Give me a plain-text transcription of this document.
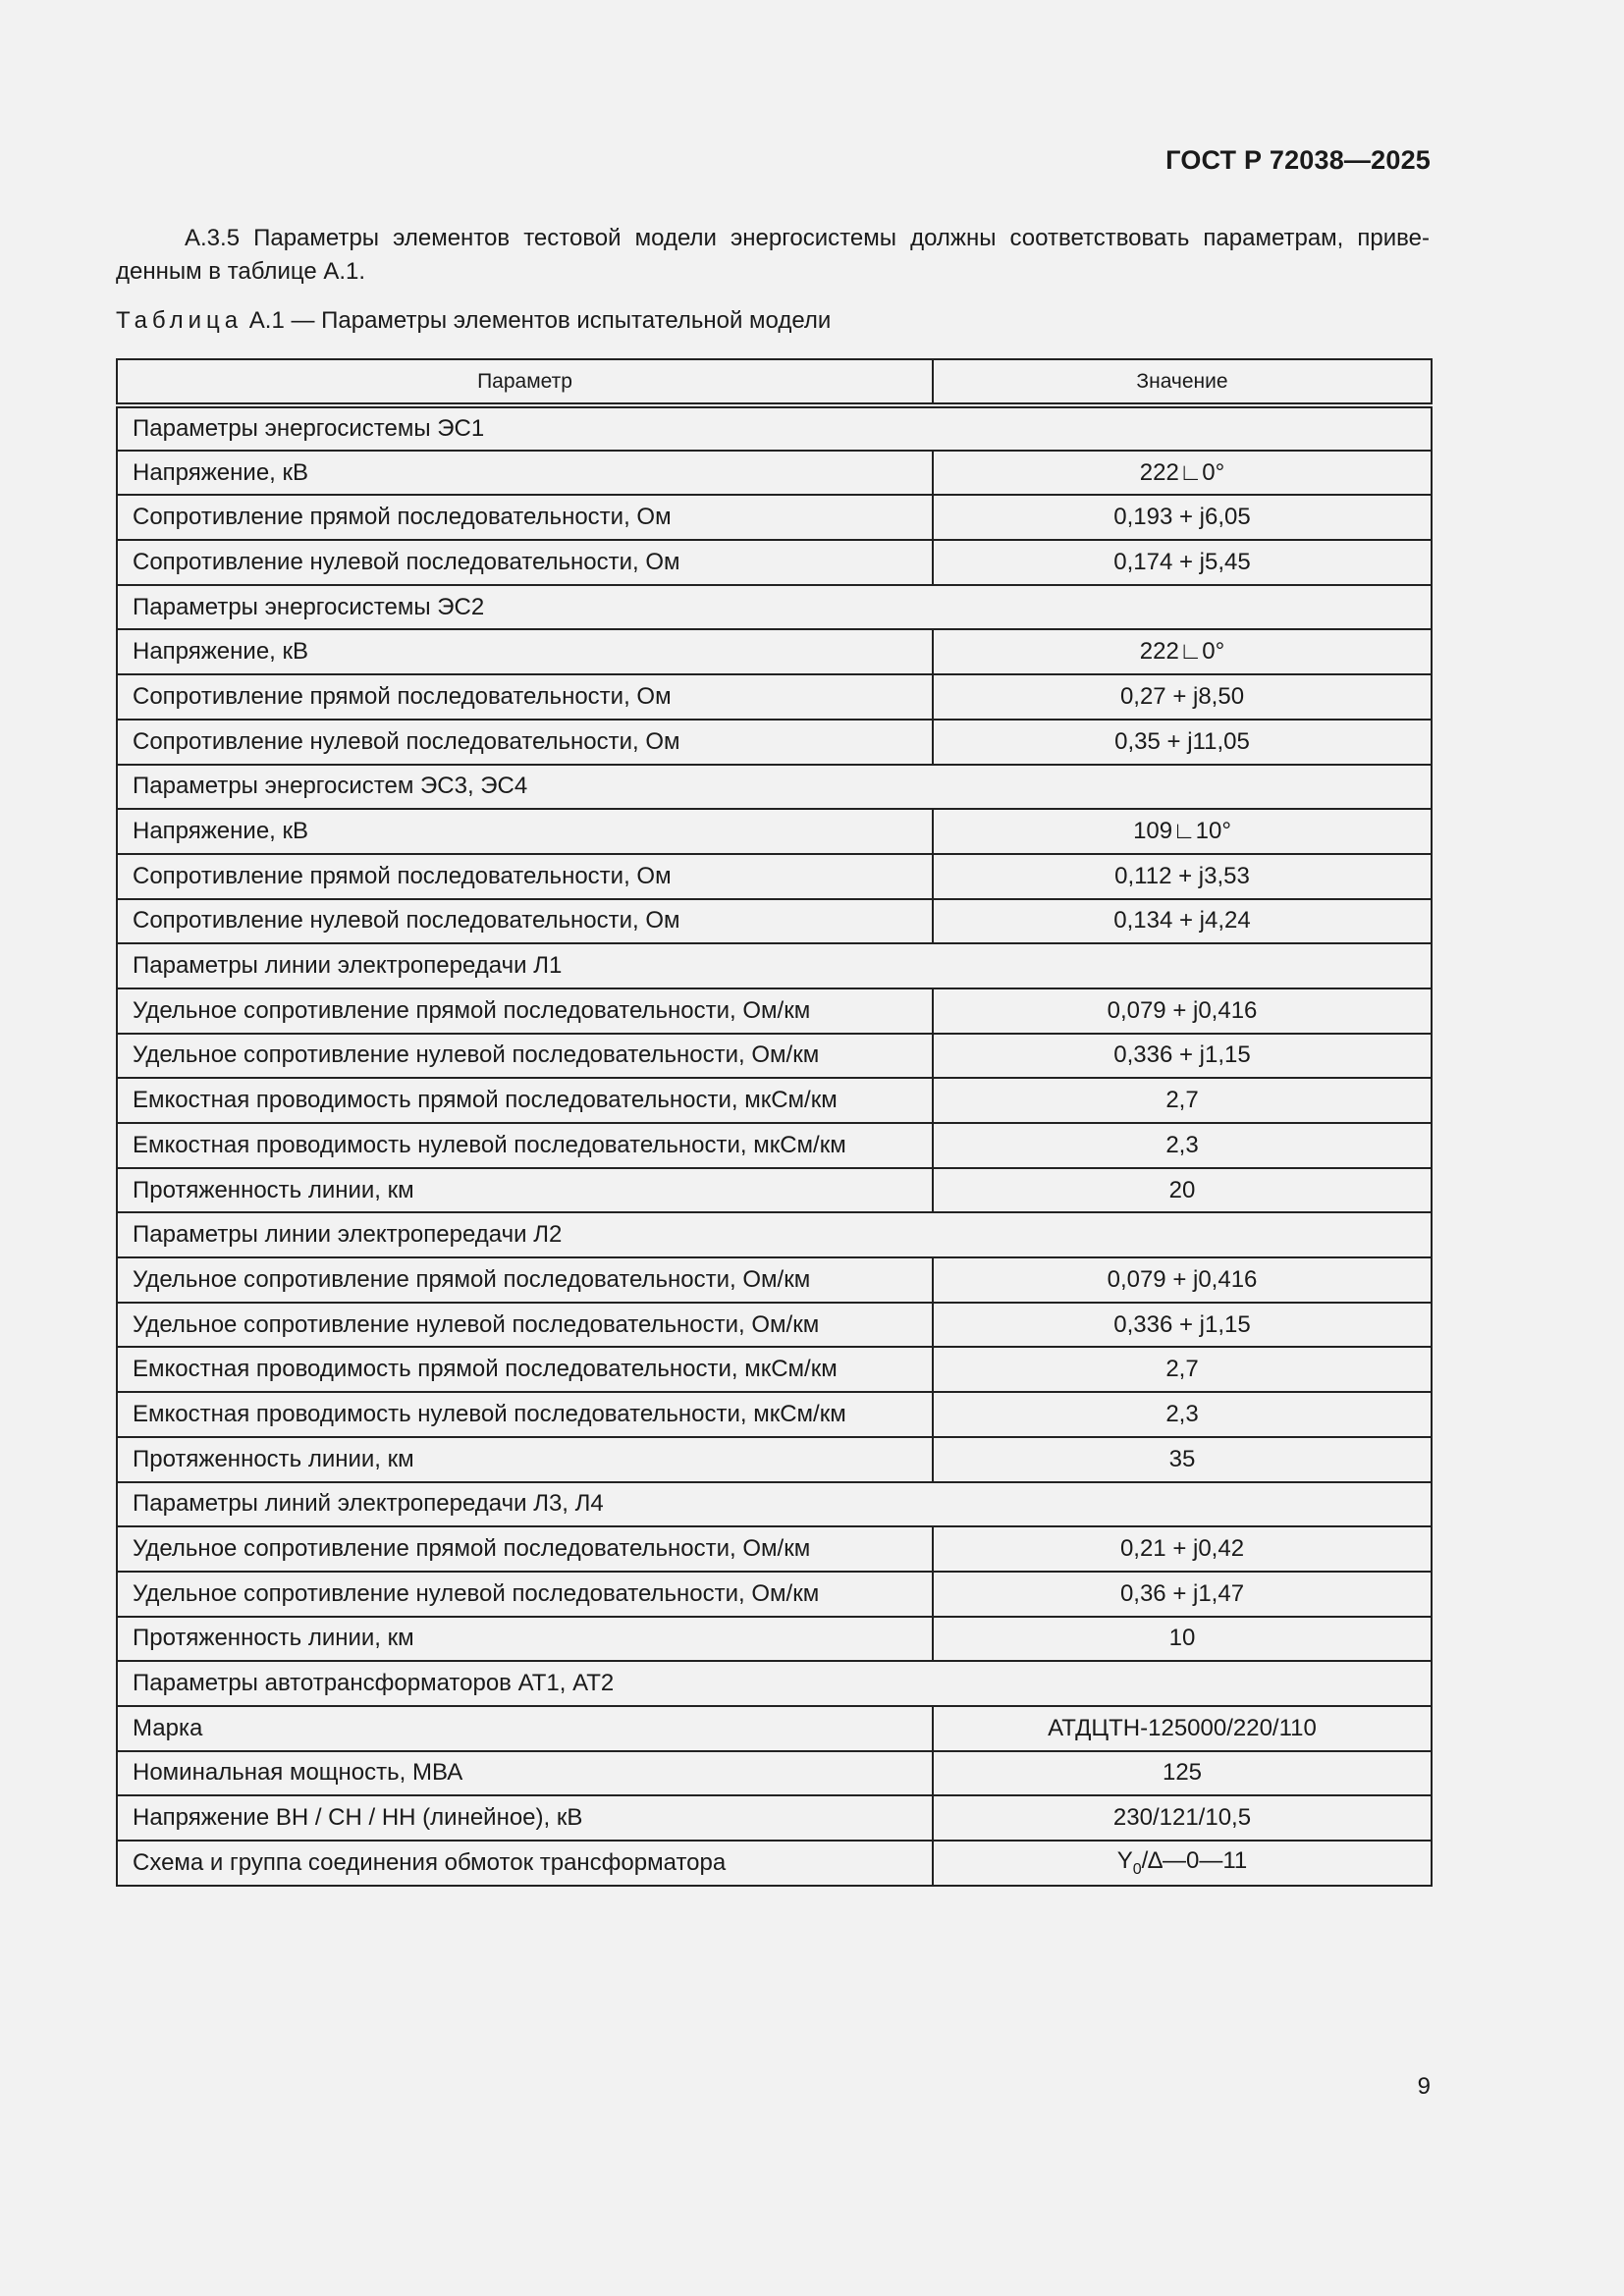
ГОСТ Р 72038—2025

А.3.5 Параметры элементов тестовой модели энергосистемы должны соответствовать параметрам, приве-денным в таблице А.1.

Таблица А.1 — Параметры элементов испытательной модели

Параметр	Значение
Параметры энергосистемы ЭС1	
Напряжение, кВ	222∟0°
Сопротивление прямой последовательности, Ом	0,193 + j6,05
Сопротивление нулевой последовательности, Ом	0,174 + j5,45
Параметры энергосистемы ЭС2	
Напряжение, кВ	222∟0°
Сопротивление прямой последовательности, Ом	0,27 + j8,50
Сопротивление нулевой последовательности, Ом	0,35 + j11,05
Параметры энергосистем ЭС3, ЭС4	
Напряжение, кВ	109∟10°
Сопротивление прямой последовательности, Ом	0,112 + j3,53
Сопротивление нулевой последовательности, Ом	0,134 + j4,24
Параметры линии электропередачи Л1	
Удельное сопротивление прямой последовательности, Ом/км	0,079 + j0,416
Удельное сопротивление нулевой последовательности, Ом/км	0,336 + j1,15
Емкостная проводимость прямой последовательности, мкСм/км	2,7
Емкостная проводимость нулевой последовательности, мкСм/км	2,3
Протяженность линии, км	20
Параметры линии электропередачи Л2	
Удельное сопротивление прямой последовательности, Ом/км	0,079 + j0,416
Удельное сопротивление нулевой последовательности, Ом/км	0,336 + j1,15
Емкостная проводимость прямой последовательности, мкСм/км	2,7
Емкостная проводимость нулевой последовательности, мкСм/км	2,3
Протяженность линии, км	35
Параметры линий электропередачи Л3, Л4	
Удельное сопротивление прямой последовательности, Ом/км	0,21 + j0,42
Удельное сопротивление нулевой последовательности, Ом/км	0,36 + j1,47
Протяженность линии, км	10
Параметры автотрансформаторов АТ1, АТ2	
Марка	АТДЦТН-125000/220/110
Номинальная мощность, МВА	125
Напряжение ВН / СН / НН (линейное), кВ	230/121/10,5
Схема и группа соединения обмоток трансформатора	$Y_0/\Delta—0—11$

9
